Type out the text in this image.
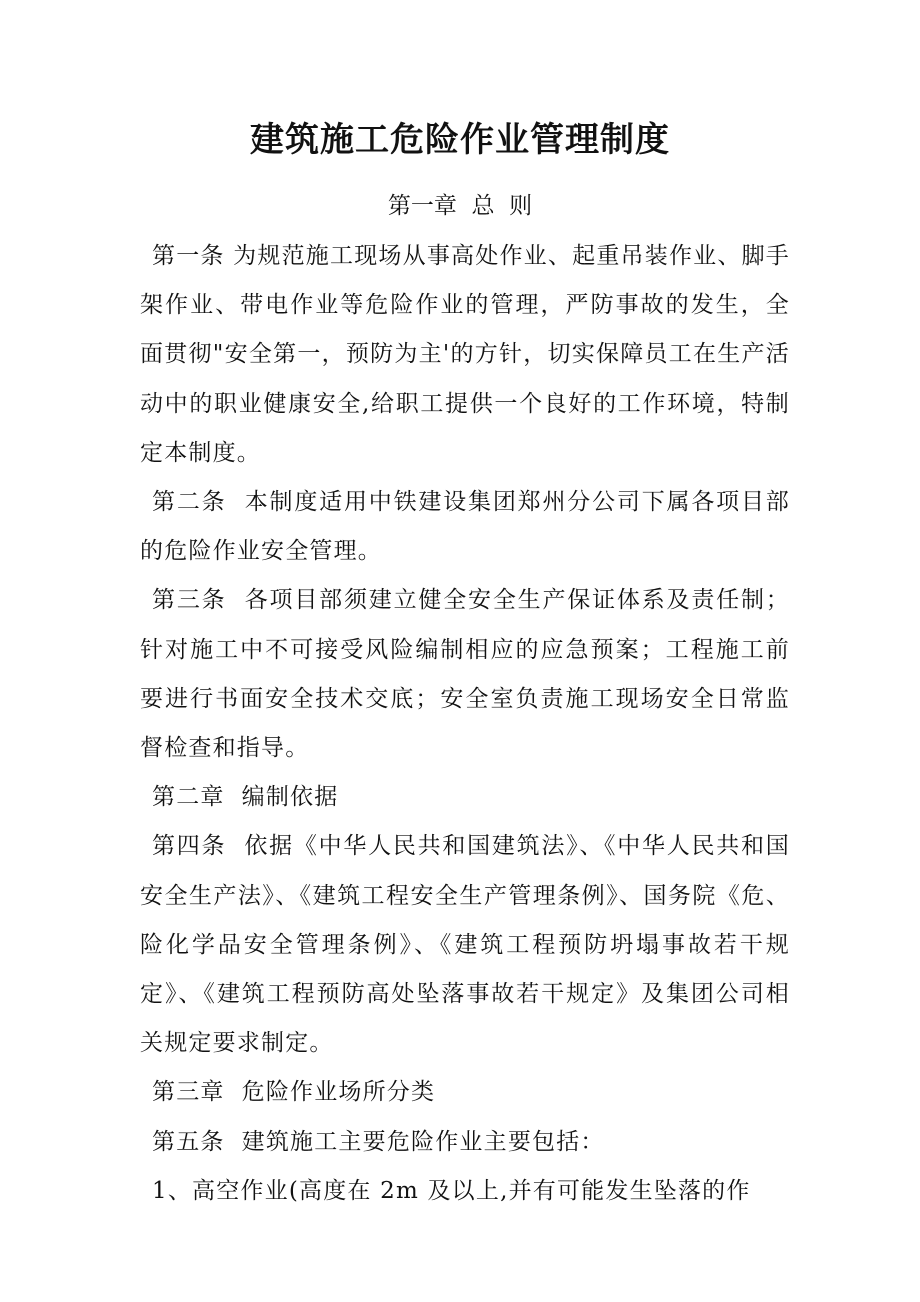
建筑施工危险作业管理制度
第一章  总  则

第一条 为规范施工现场从事高处作业、起重吊装作业、脚手架作业、带电作业等危险作业的管理，严防事故的发生，全面贯彻"安全第一，预防为主'的方针，切实保障员工在生产活动中的职业健康安全,给职工提供一个良好的工作环境，特制定本制度。

第二条  本制度适用中铁建设集团郑州分公司下属各项目部的危险作业安全管理。

第三条  各项目部须建立健全安全生产保证体系及责任制；针对施工中不可接受风险编制相应的应急预案；工程施工前要进行书面安全技术交底；安全室负责施工现场安全日常监督检查和指导。

第二章  编制依据

第四条  依据《中华人民共和国建筑法》、《中华人民共和国安全生产法》、《建筑工程安全生产管理条例》、国务院《危、险化学品安全管理条例》、《建筑工程预防坍塌事故若干规定》、《建筑工程预防高处坠落事故若干规定》及集团公司相关规定要求制定。

第三章  危险作业场所分类

第五条  建筑施工主要危险作业主要包括：

1、高空作业(高度在 2m 及以上,并有可能发生坠落的作
